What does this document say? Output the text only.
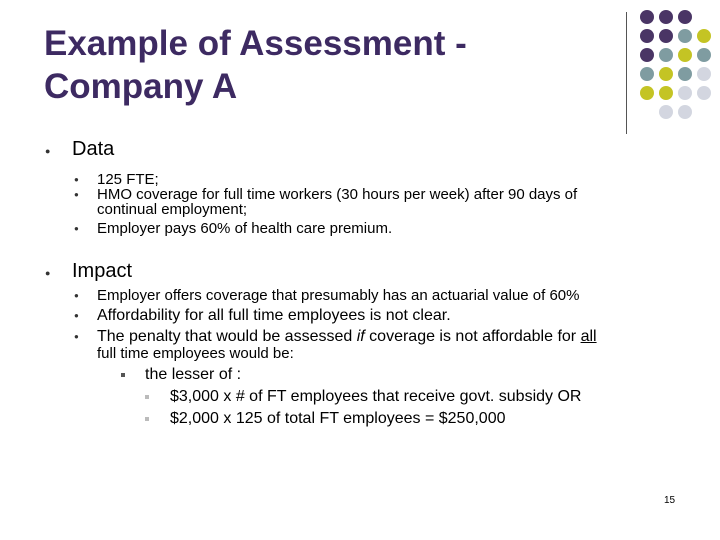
Example of Assessment -
Company A
● Data
● 125 FTE;
● HMO coverage for full time workers (30 hours per week) after 90 days of
continual employment;
● Employer pays 60% of health care premium.
● Impact
● Employer offers coverage that presumably has an actuarial value of 60%
● Affordability for all full time employees is not clear.
● The penalty that would be assessed if coverage is not affordable for all
full time employees would be:
the lesser of :
$3,000 x # of FT employees that receive govt. subsidy OR
$2,000 x 125 of total FT employees = $250,000
15
